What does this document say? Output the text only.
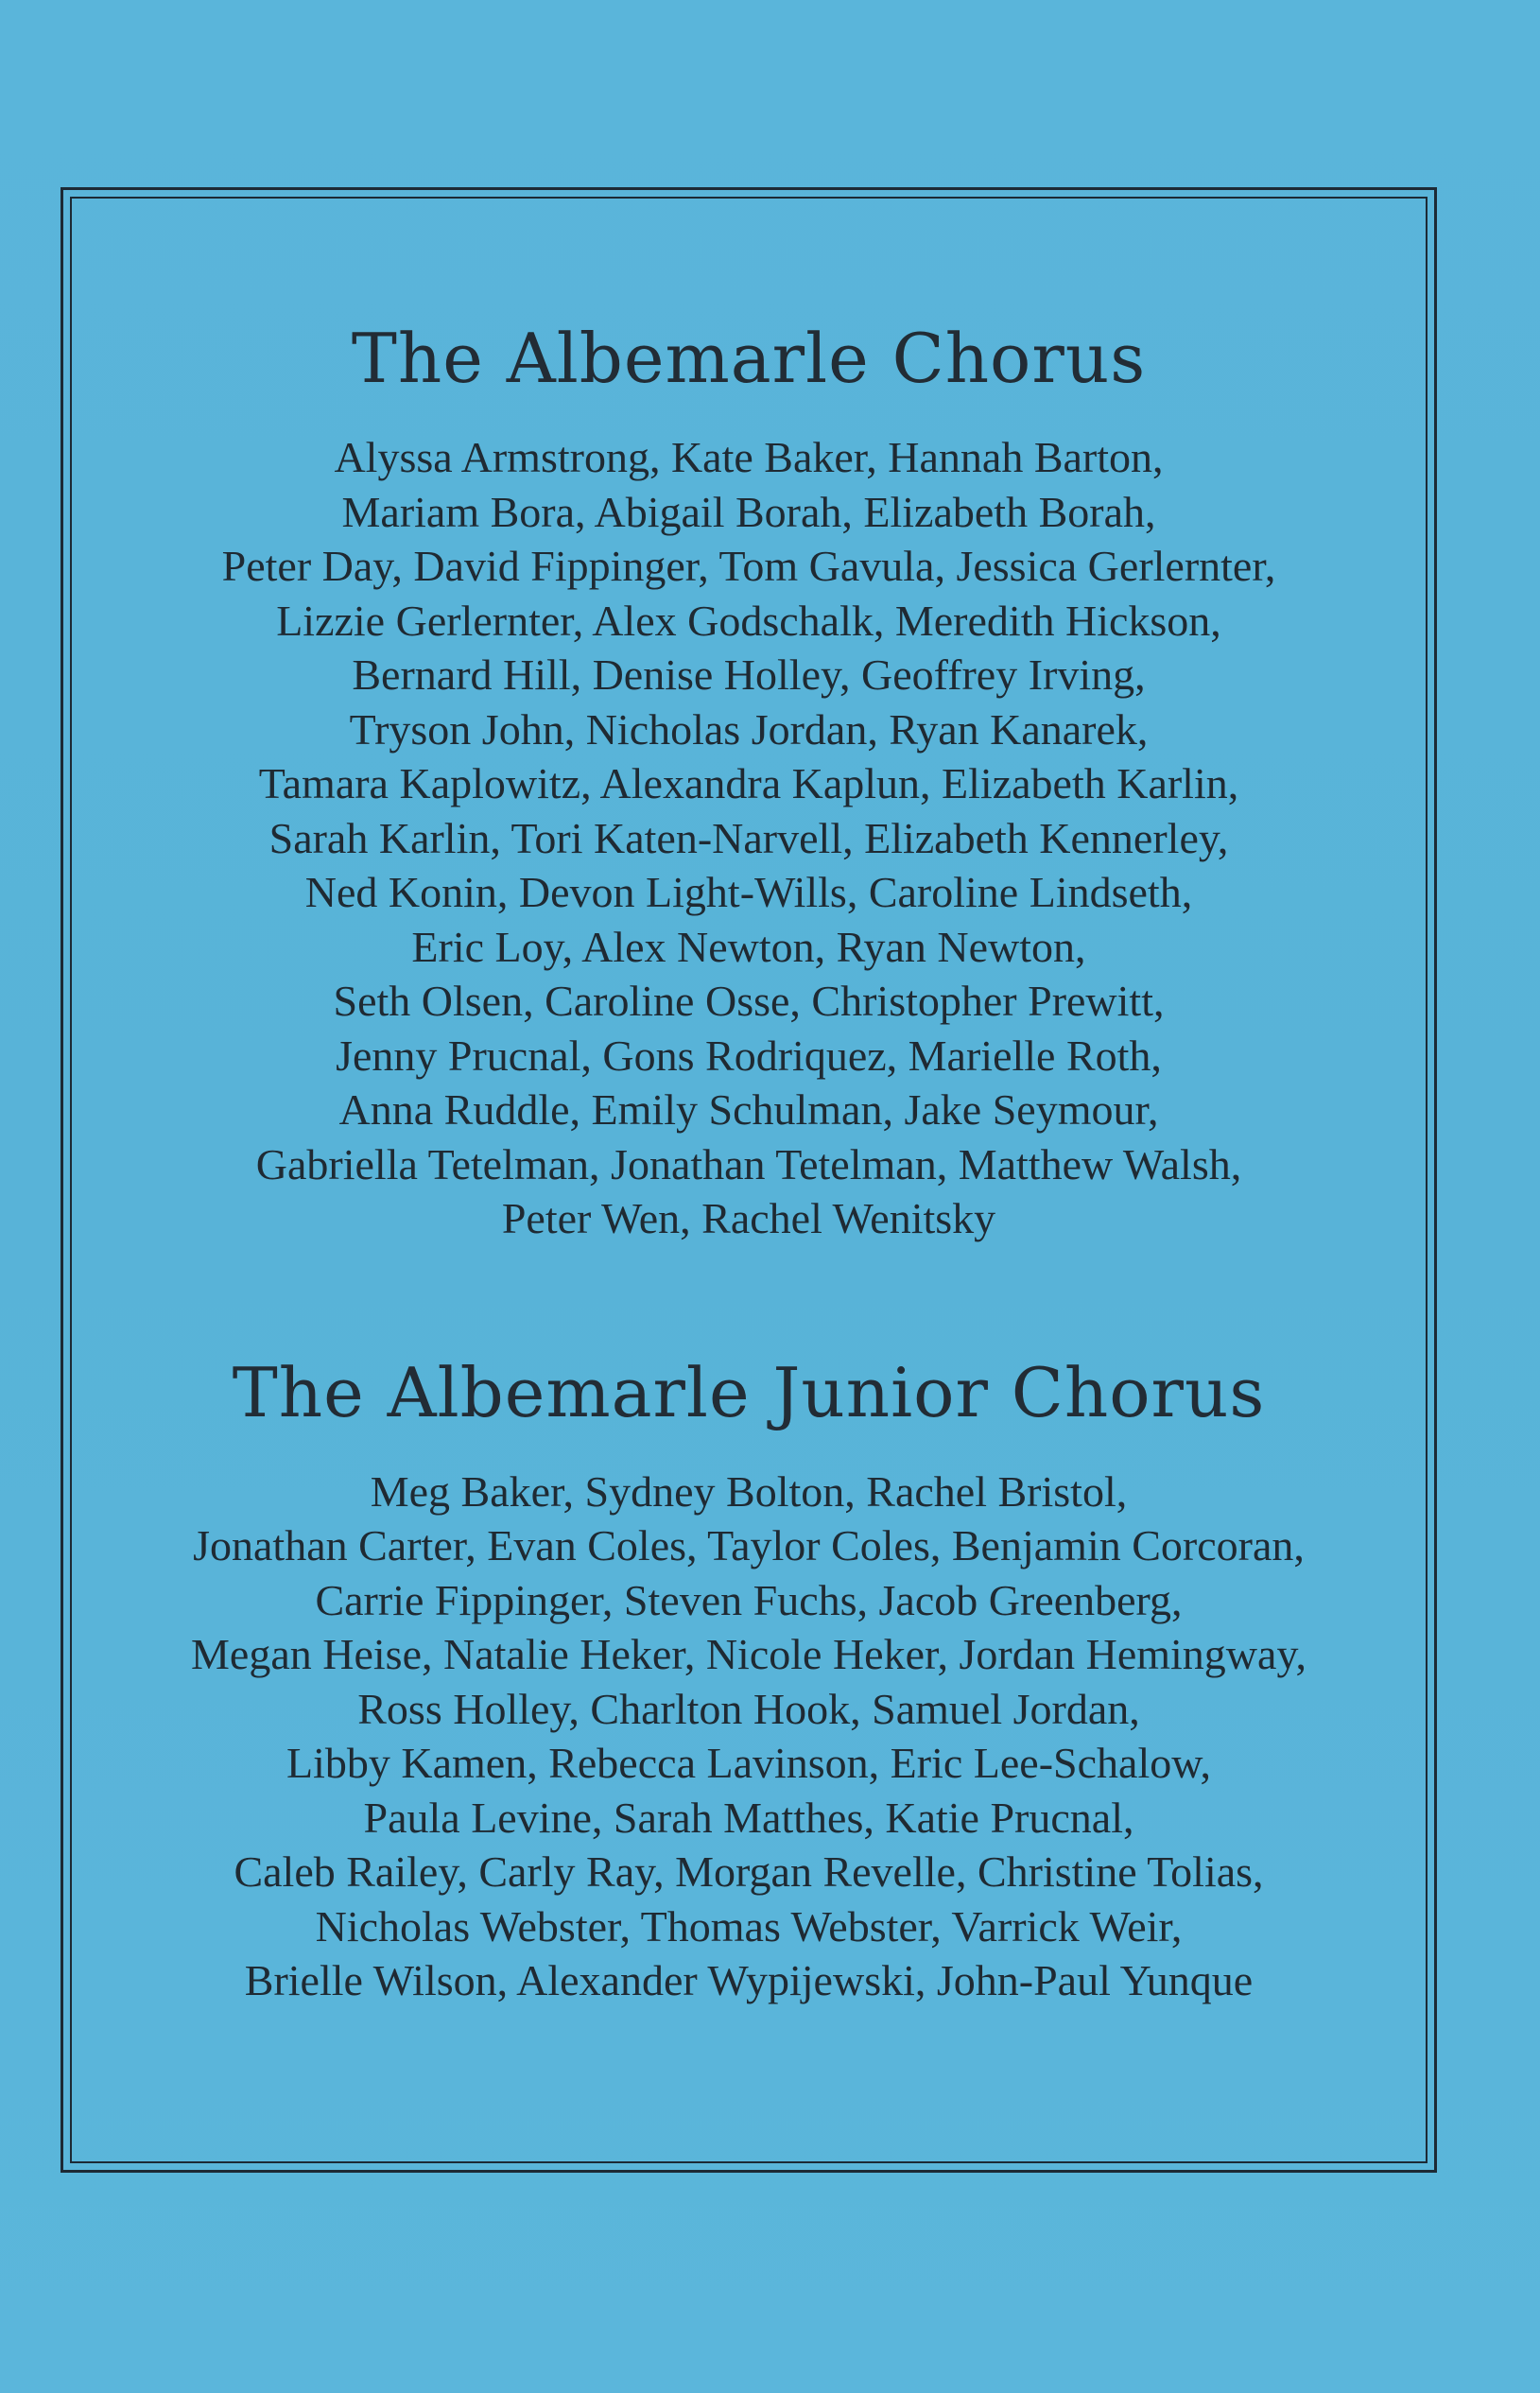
The Albemarle Chorus
Alyssa Armstrong, Kate Baker, Hannah Barton,
Mariam Bora, Abigail Borah, Elizabeth Borah,
Peter Day, David Fippinger, Tom Gavula, Jessica Gerlernter,
Lizzie Gerlernter, Alex Godschalk, Meredith Hickson,
Bernard Hill, Denise Holley, Geoffrey Irving,
Tryson John, Nicholas Jordan, Ryan Kanarek,
Tamara Kaplowitz, Alexandra Kaplun, Elizabeth Karlin,
Sarah Karlin, Tori Katen-Narvell, Elizabeth Kennerley,
Ned Konin, Devon Light-Wills, Caroline Lindseth,
Eric Loy, Alex Newton, Ryan Newton,
Seth Olsen, Caroline Osse, Christopher Prewitt,
Jenny Prucnal, Gons Rodriquez, Marielle Roth,
Anna Ruddle, Emily Schulman, Jake Seymour,
Gabriella Tetelman, Jonathan Tetelman, Matthew Walsh,
Peter Wen, Rachel Wenitsky
The Albemarle Junior Chorus
Meg Baker, Sydney Bolton, Rachel Bristol,
Jonathan Carter, Evan Coles, Taylor Coles, Benjamin Corcoran,
Carrie Fippinger, Steven Fuchs, Jacob Greenberg,
Megan Heise, Natalie Heker, Nicole Heker, Jordan Hemingway,
Ross Holley, Charlton Hook, Samuel Jordan,
Libby Kamen, Rebecca Lavinson, Eric Lee-Schalow,
Paula Levine, Sarah Matthes, Katie Prucnal,
Caleb Railey, Carly Ray, Morgan Revelle, Christine Tolias,
Nicholas Webster, Thomas Webster, Varrick Weir,
Brielle Wilson, Alexander Wypijewski, John-Paul Yunque
